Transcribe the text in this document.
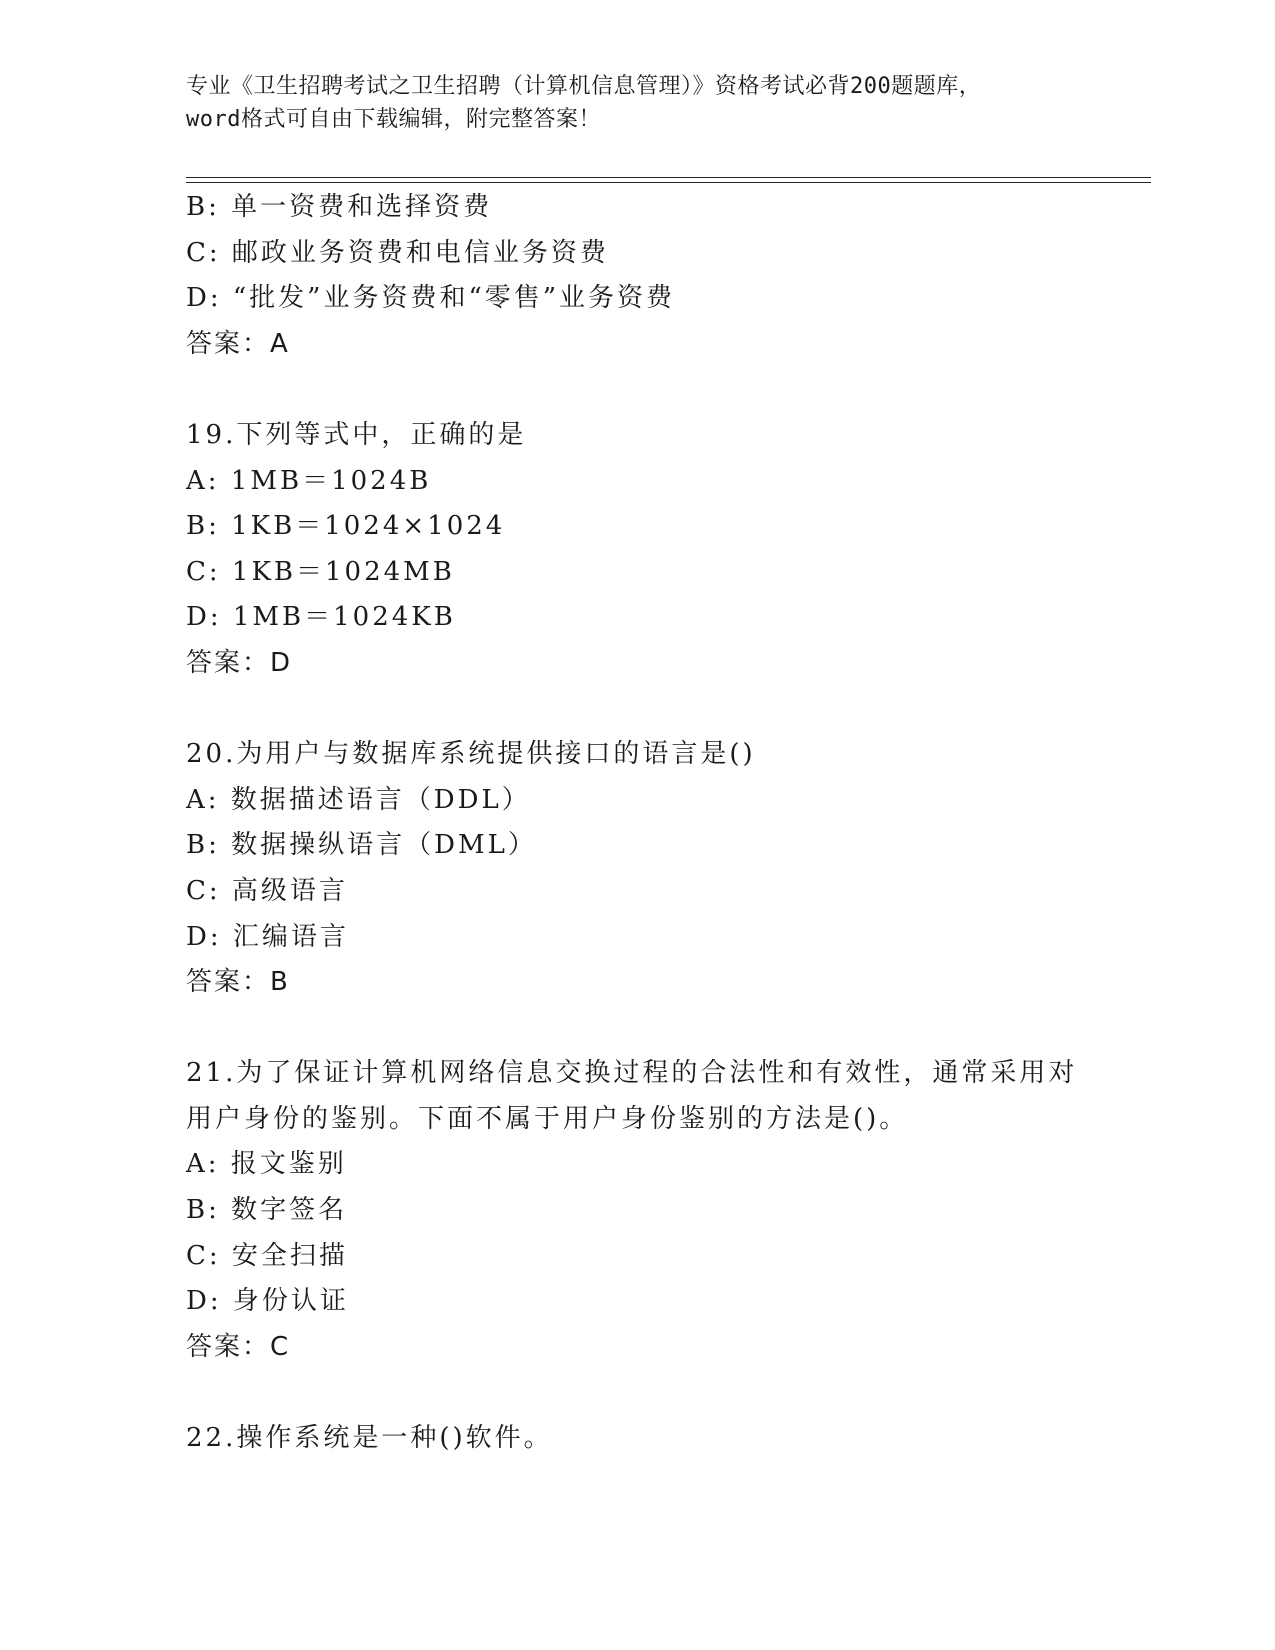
专业《卫生招聘考试之卫生招聘（计算机信息管理）》资格考试必背200题题库，
word格式可自由下载编辑，附完整答案！
B: 单一资费和选择资费
C: 邮政业务资费和电信业务资费
D: “批发”业务资费和“零售”业务资费
答案：A
19.下列等式中，正确的是
A: 1MB＝1024B
B: 1KB＝1024×1024
C: 1KB＝1024MB
D: 1MB＝1024KB
答案：D
20.为用户与数据库系统提供接口的语言是()
A: 数据描述语言（DDL）
B: 数据操纵语言（DML）
C: 高级语言
D: 汇编语言
答案：B
21.为了保证计算机网络信息交换过程的合法性和有效性，通常采用对
用户身份的鉴别。下面不属于用户身份鉴别的方法是()。
A: 报文鉴别
B: 数字签名
C: 安全扫描
D: 身份认证
答案：C
22.操作系统是一种()软件。
